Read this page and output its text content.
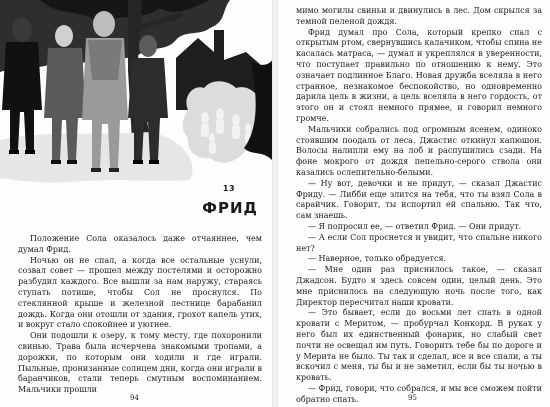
13
ФРИД

Положение Сола оказалось даже отчаяннее, чем думал Фрид.

Ночью он не спал, а когда все остальные уснули, созвал совет — прошел между постелями и осторожно разбудил каждого. Все вышли за нам наружу, стараясь ступать потише, чтобы Сол не проснулся. По стеклянной крыше и железной лестнице барабанил дождь. Когда они отошли от здания, грохот капель утих, и вокруг стало спокойнее и уютнее.

Они подошли к озеру, к тому месту, где похоронили свинью. Трава была исчерчена знакомыми тропами, а дорожки, по которым они ходили и где играли. Пыльные, пронизанные солнцем дни, когда они играли в баранчиков, стали теперь смутным воспоминанием. Мальчики прошли

94

мимо могилы свиньи и двинулись в лес. Дом скрылся за темной пеленой дождя.

Фрид думал про Сола, который крепко спал с открытым ртом, свернувшись калачиком, чтобы спина не касалась матраса, — думал и укреплялся в уверенности, что поступает правильно по отношению к нему. Это означает подлинное Благо. Новая дружба вселяла в него странное, незнакомое беспокойство, но одновременно дарила цель в жизни, а цель вселяла в него гордость, от этого он и стоял немного прямее, и говорил немного громче.

Мальчики собрались под огромным ясенем, одиноко стоявшим поодаль от леса. Джастис откинул капюшон. Волосы налипли ему на лоб и распушились сзади. На фоне мокрого от дождя пепельно-серого ствола они казались ослепительно-белыми.

— Ну вот, девочки и не придут, — сказал Джастис Фриду. — Либби еще злится на тебя, что ты взял Сола в сарайчик. Говорит, ты испортил ей спальню. Так что, сам знаешь.

— Я попросил ее, — ответил Фрид. — Они придут.

— А если Сол проснется и увидит, что спальне никого нет?

— Наверное, только обрадуется.

— Мне один раз приснилось такое, — сказал Джадсон. Будто я здесь совсем один, целый день. Это мне приснилось на следующую ночь после того, как Директор пересчитал наши кровати.

— Это бывает, если до восьми лет спать в одной кровати с Меритом, — пробурчал Конкорд. В руках у него был их единственный фонарик, но слабый свет почти не освещал им путь. Говорить тебе бы по дороге и у Мерита не было. Ты так и сделал, все и все спали, а ты вскочил с меня, ты бы и не заметил, если бы ты ночью в кровать.

— Фрид, говори, что собрался, и мы все сможем пойти обратно спать.	95
